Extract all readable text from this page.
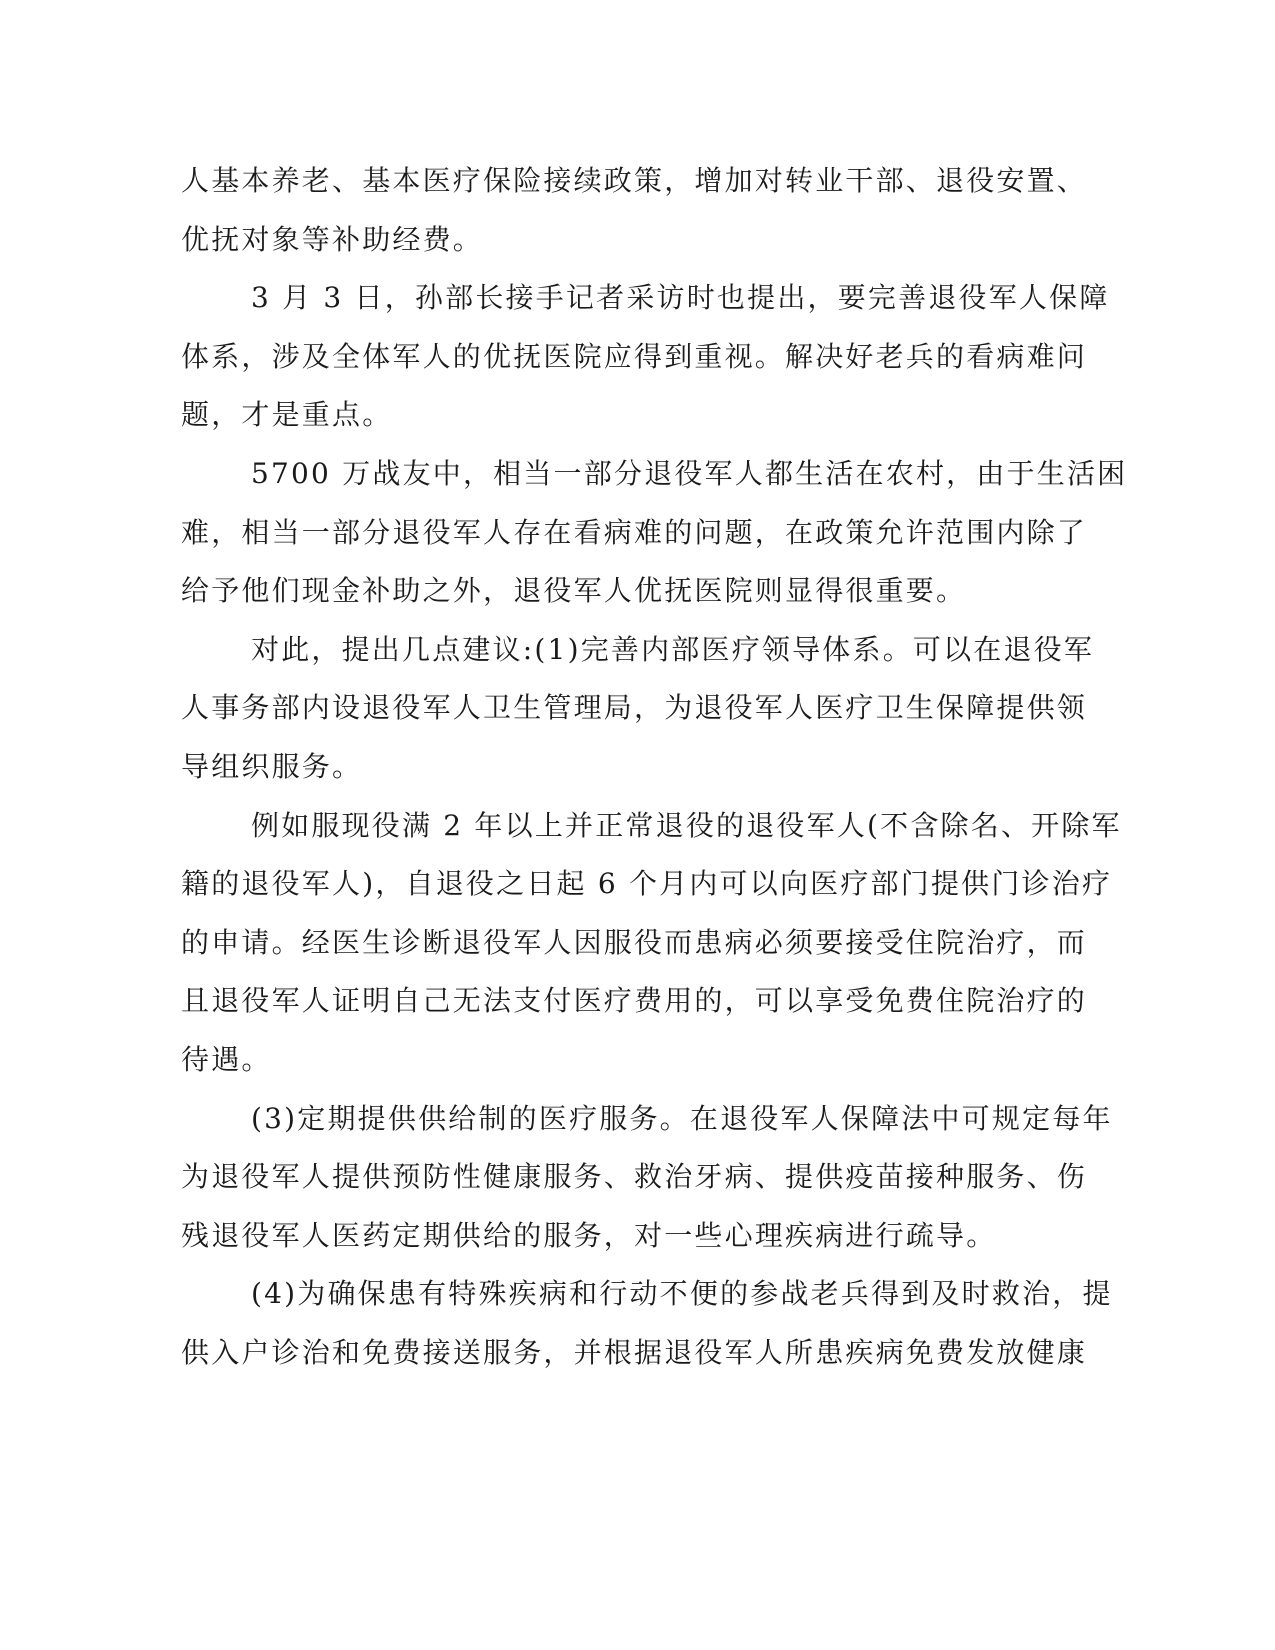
人基本养老、基本医疗保险接续政策，增加对转业干部、退役安置、
优抚对象等补助经费。
3 月 3 日，孙部长接手记者采访时也提出，要完善退役军人保障
体系，涉及全体军人的优抚医院应得到重视。解决好老兵的看病难问
题，才是重点。
5700 万战友中，相当一部分退役军人都生活在农村，由于生活困
难，相当一部分退役军人存在看病难的问题，在政策允许范围内除了
给予他们现金补助之外，退役军人优抚医院则显得很重要。
对此，提出几点建议:(1)完善内部医疗领导体系。可以在退役军
人事务部内设退役军人卫生管理局，为退役军人医疗卫生保障提供领
导组织服务。
例如服现役满 2 年以上并正常退役的退役军人(不含除名、开除军
籍的退役军人)，自退役之日起 6 个月内可以向医疗部门提供门诊治疗
的申请。经医生诊断退役军人因服役而患病必须要接受住院治疗，而
且退役军人证明自己无法支付医疗费用的，可以享受免费住院治疗的
待遇。
(3)定期提供供给制的医疗服务。在退役军人保障法中可规定每年
为退役军人提供预防性健康服务、救治牙病、提供疫苗接种服务、伤
残退役军人医药定期供给的服务，对一些心理疾病进行疏导。
(4)为确保患有特殊疾病和行动不便的参战老兵得到及时救治，提
供入户诊治和免费接送服务，并根据退役军人所患疾病免费发放健康
